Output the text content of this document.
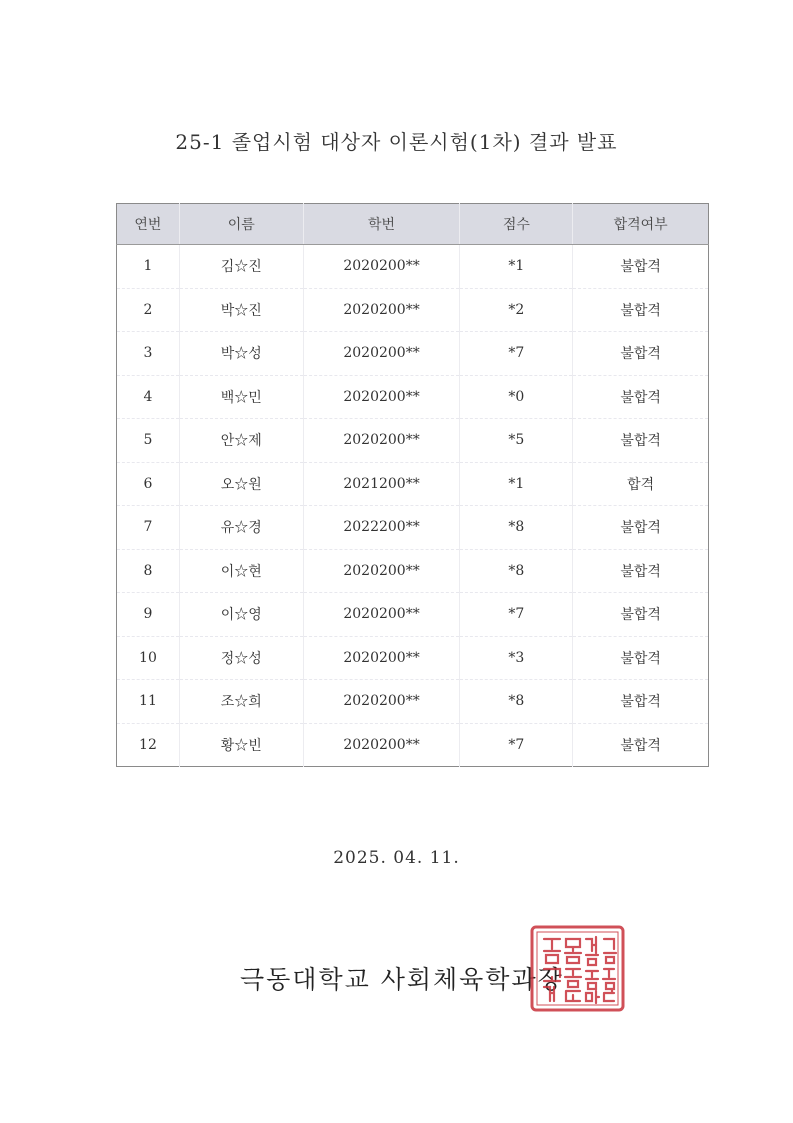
25-1 졸업시험 대상자 이론시험(1차) 결과 발표
연번	이름	학번	점수	합격여부
1	김☆진	2020200**	*1	불합격
2	박☆진	2020200**	*2	불합격
3	박☆성	2020200**	*7	불합격
4	백☆민	2020200**	*0	불합격
5	안☆제	2020200**	*5	불합격
6	오☆원	2021200**	*1	합격
7	유☆경	2022200**	*8	불합격
8	이☆현	2020200**	*8	불합격
9	이☆영	2020200**	*7	불합격
10	정☆성	2020200**	*3	불합격
11	조☆희	2020200**	*8	불합격
12	황☆빈	2020200**	*7	불합격
2025. 04. 11.
극동대학교 사회체육학과장
